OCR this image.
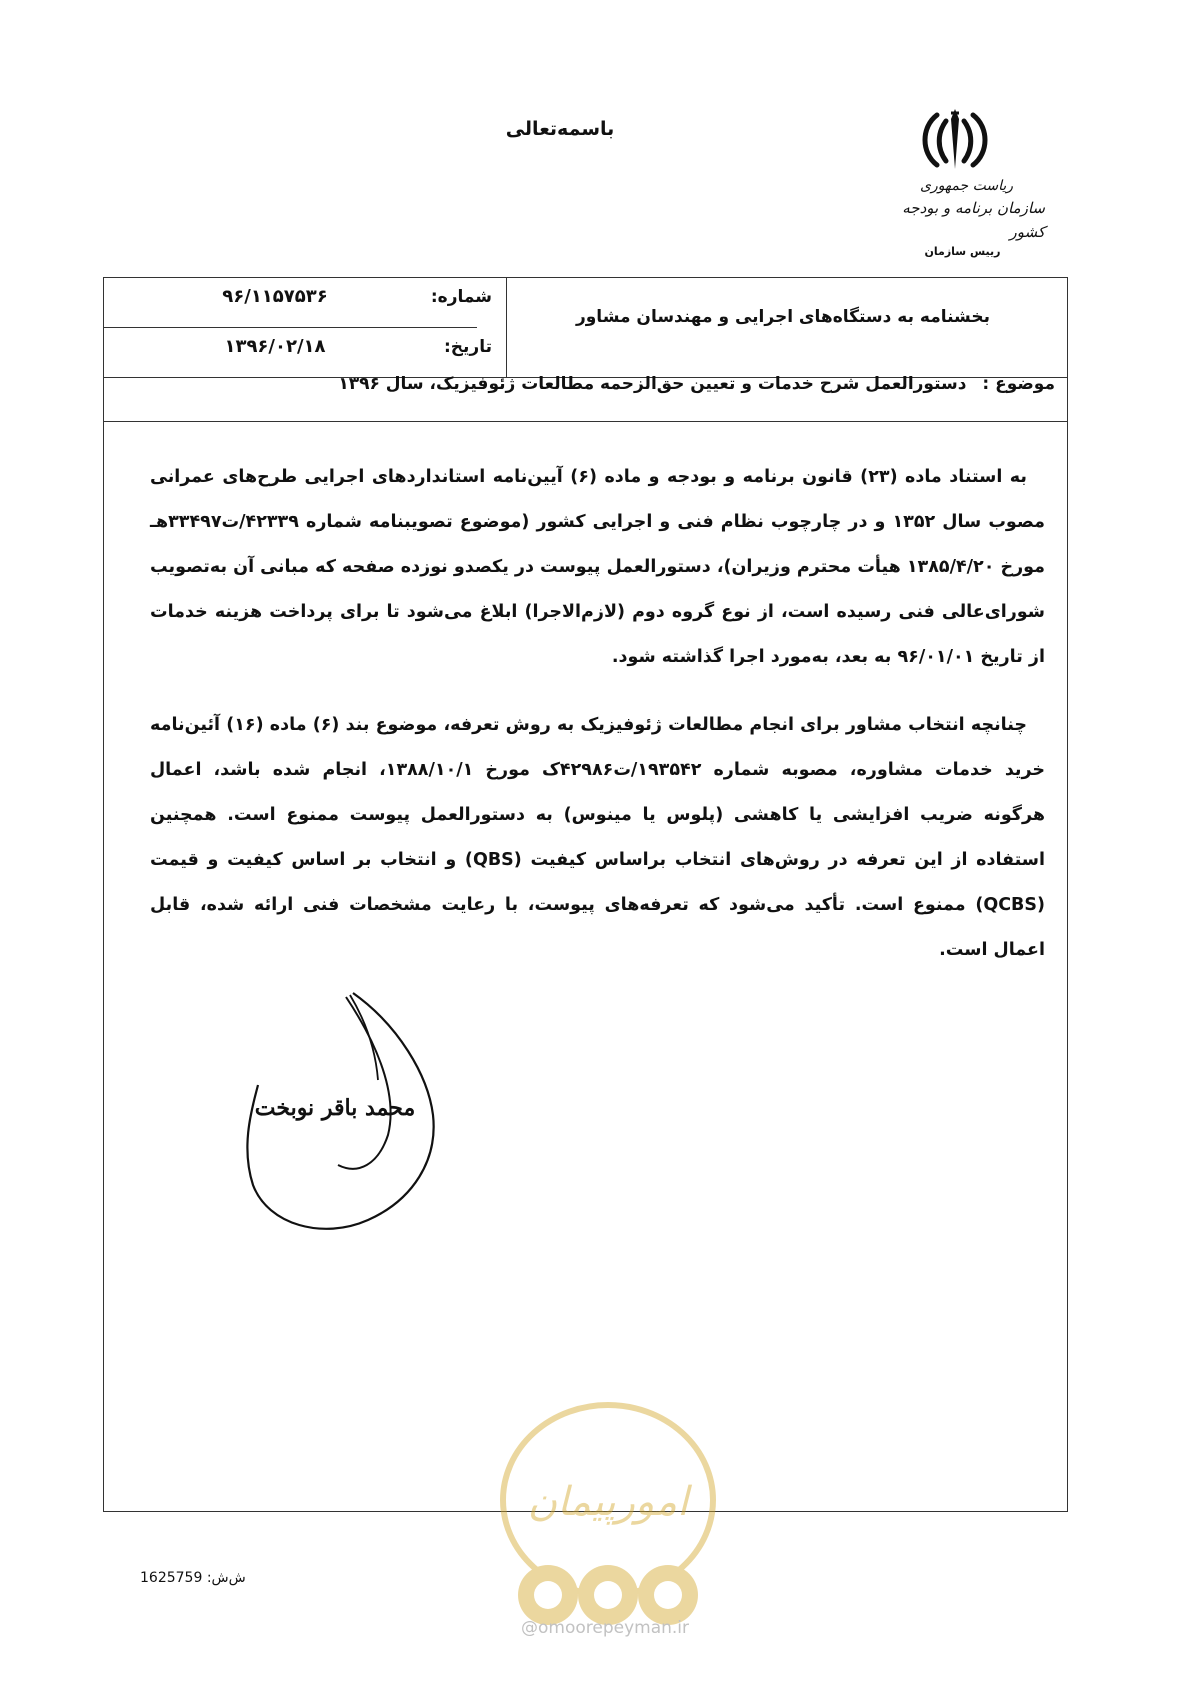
باسمه‌تعالی
ریاست جمهوری
سازمان برنامه و بودجه کشور
رییس سازمان
شماره:
۹۶/۱۱۵۷۵۳۶
تاریخ:
۱۳۹۶/۰۲/۱۸
بخشنامه به دستگاه‌های اجرایی و مهندسان مشاور
موضوع : دستورالعمل شرح خدمات و تعیین حق‌الزحمه مطالعات ژئوفیزیک، سال ۱۳۹۶
به استناد ماده (۲۳) قانون برنامه و بودجه و ماده (۶) آیین‌نامه استانداردهای اجرایی طرح‌های عمرانی مصوب سال ۱۳۵۲ و در چارچوب نظام فنی و اجرایی کشور (موضوع تصویبنامه شماره ۴۲۳۳۹/ت۳۳۴۹۷هـ مورخ ۱۳۸۵/۴/۲۰ هیأت محترم وزیران)، دستورالعمل پیوست در یکصدو نوزده صفحه که مبانی آن به‌تصویب شورای‌عالی فنی رسیده است، از نوع گروه دوم (لازم‌الاجرا) ابلاغ می‌شود تا برای پرداخت هزینه خدمات از تاریخ ۹۶/۰۱/۰۱ به بعد، به‌مورد اجرا گذاشته شود.
چنانچه انتخاب مشاور برای انجام مطالعات ژئوفیزیک به روش تعرفه، موضوع بند (۶) ماده (۱۶) آئین‌نامه خرید خدمات مشاوره، مصوبه شماره ۱۹۳۵۴۲/ت۴۲۹۸۶ک مورخ ۱۳۸۸/۱۰/۱، انجام شده باشد، اعمال هرگونه ضریب افزایشی یا کاهشی (پلوس یا مینوس) به دستورالعمل پیوست ممنوع است. همچنین استفاده از این تعرفه در روش‌های انتخاب براساس کیفیت (QBS) و انتخاب بر اساس کیفیت و قیمت (QCBS) ممنوع است. تأکید می‌شود که تعرفه‌های پیوست، با رعایت مشخصات فنی ارائه شده، قابل اعمال است.
محمد باقر نوبخت
امورپیمان
ش‌ش: 1625759
@omoorepeyman.ir
